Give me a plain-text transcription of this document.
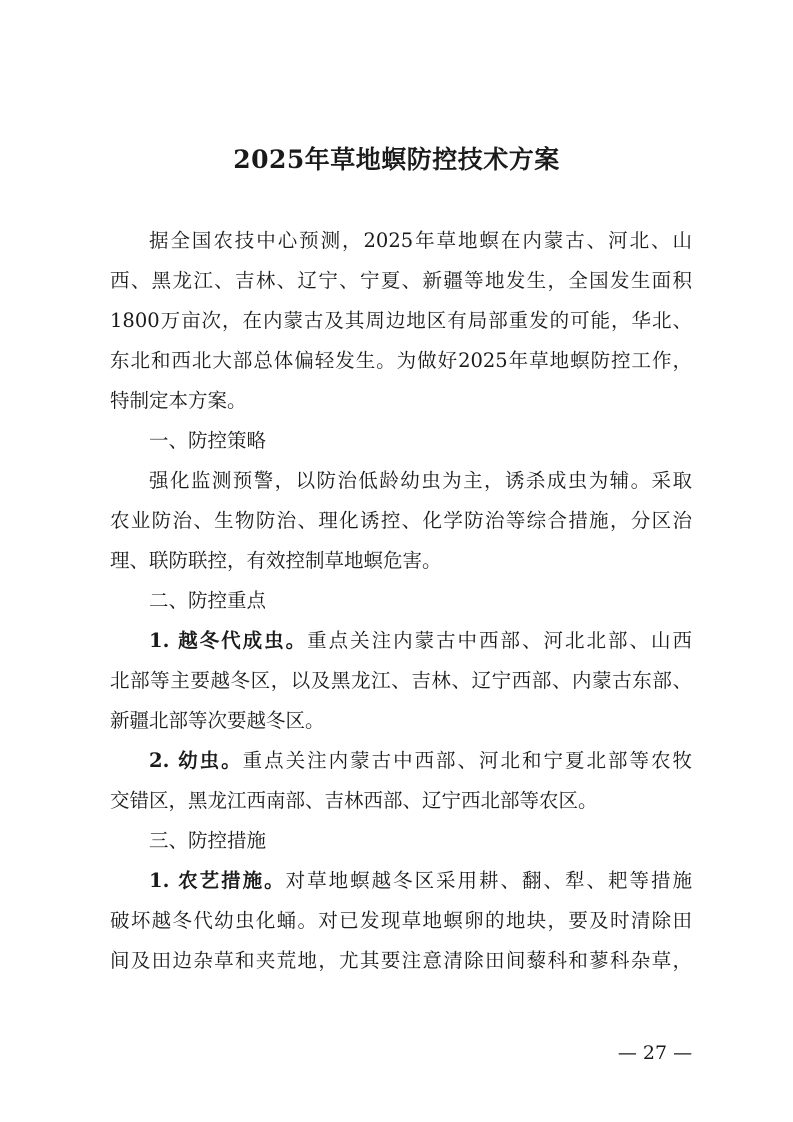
2025年草地螟防控技术方案
据全国农技中心预测，2025年草地螟在内蒙古、河北、山
西、黑龙江、吉林、辽宁、宁夏、新疆等地发生，全国发生面积
1800万亩次，在内蒙古及其周边地区有局部重发的可能，华北、
东北和西北大部总体偏轻发生。为做好2025年草地螟防控工作，
特制定本方案。
一、防控策略
强化监测预警，以防治低龄幼虫为主，诱杀成虫为辅。采取
农业防治、生物防治、理化诱控、化学防治等综合措施，分区治
理、联防联控，有效控制草地螟危害。
二、防控重点
1. 越冬代成虫。重点关注内蒙古中西部、河北北部、山西
北部等主要越冬区，以及黑龙江、吉林、辽宁西部、内蒙古东部、
新疆北部等次要越冬区。
2. 幼虫。重点关注内蒙古中西部、河北和宁夏北部等农牧
交错区，黑龙江西南部、吉林西部、辽宁西北部等农区。
三、防控措施
1. 农艺措施。对草地螟越冬区采用耕、翻、犁、耙等措施
破坏越冬代幼虫化蛹。对已发现草地螟卵的地块，要及时清除田
间及田边杂草和夹荒地，尤其要注意清除田间藜科和蓼科杂草，
— 27 —
